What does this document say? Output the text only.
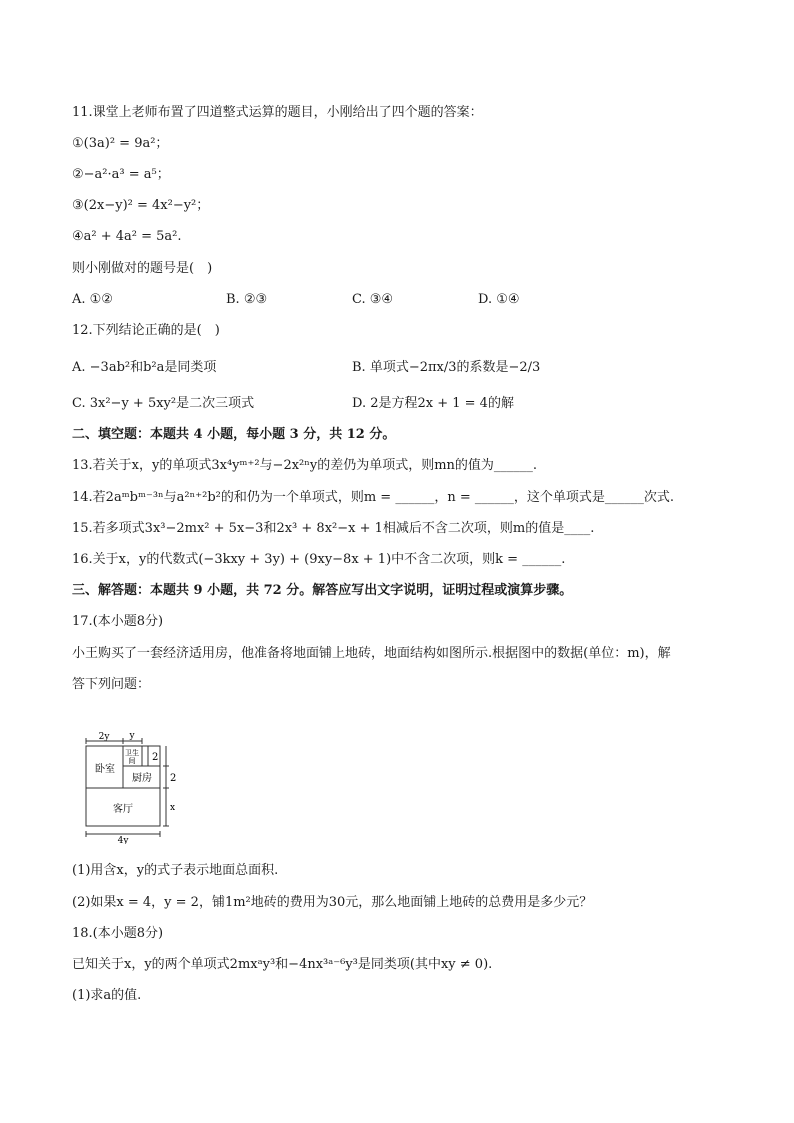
11.课堂上老师布置了四道整式运算的题目，小刚给出了四个题的答案：
①(3a)² = 9a²；
②−a²·a³ = a⁵；
③(2x−y)² = 4x²−y²；
④a² + 4a² = 5a².
则小刚做对的题号是(　)
A. ①②	B. ②③	C. ③④	D. ①④
12.下列结论正确的是(　)
A. −3ab²和b²a是同类项	B. 单项式−2πx/3的系数是−2/3
C. 3x²−y + 5xy²是二次三项式	D. 2是方程2x + 1 = 4的解
二、填空题：本题共 4 小题，每小题 3 分，共 12 分。
13.若关于x，y的单项式3x⁴yᵐ⁺²与−2x²ⁿy的差仍为单项式，则mn的值为______.
14.若2aᵐbᵐ⁻³ⁿ与a²ⁿ⁺²b²的和仍为一个单项式，则m = ______，n = ______，这个单项式是______次式.
15.若多项式3x³−2mx² + 5x−3和2x³ + 8x²−x + 1相减后不含二次项，则m的值是____.
16.关于x，y的代数式(−3kxy + 3y) + (9xy−8x + 1)中不含二次项，则k = ______.
三、解答题：本题共 9 小题，共 72 分。解答应写出文字说明，证明过程或演算步骤。
17.(本小题8分)
小王购买了一套经济适用房，他准备将地面铺上地砖，地面结构如图所示.根据图中的数据(单位：m)，解
答下列问题：
2y y
2
2
x
4y
卧室
卫生
间
厨房
客厅
(1)用含x，y的式子表示地面总面积.
(2)如果x = 4，y = 2，铺1m²地砖的费用为30元，那么地面铺上地砖的总费用是多少元？
18.(本小题8分)
已知关于x，y的两个单项式2mxᵃy³和−4nx³ᵃ⁻⁶y³是同类项(其中xy ≠ 0).
(1)求a的值.
